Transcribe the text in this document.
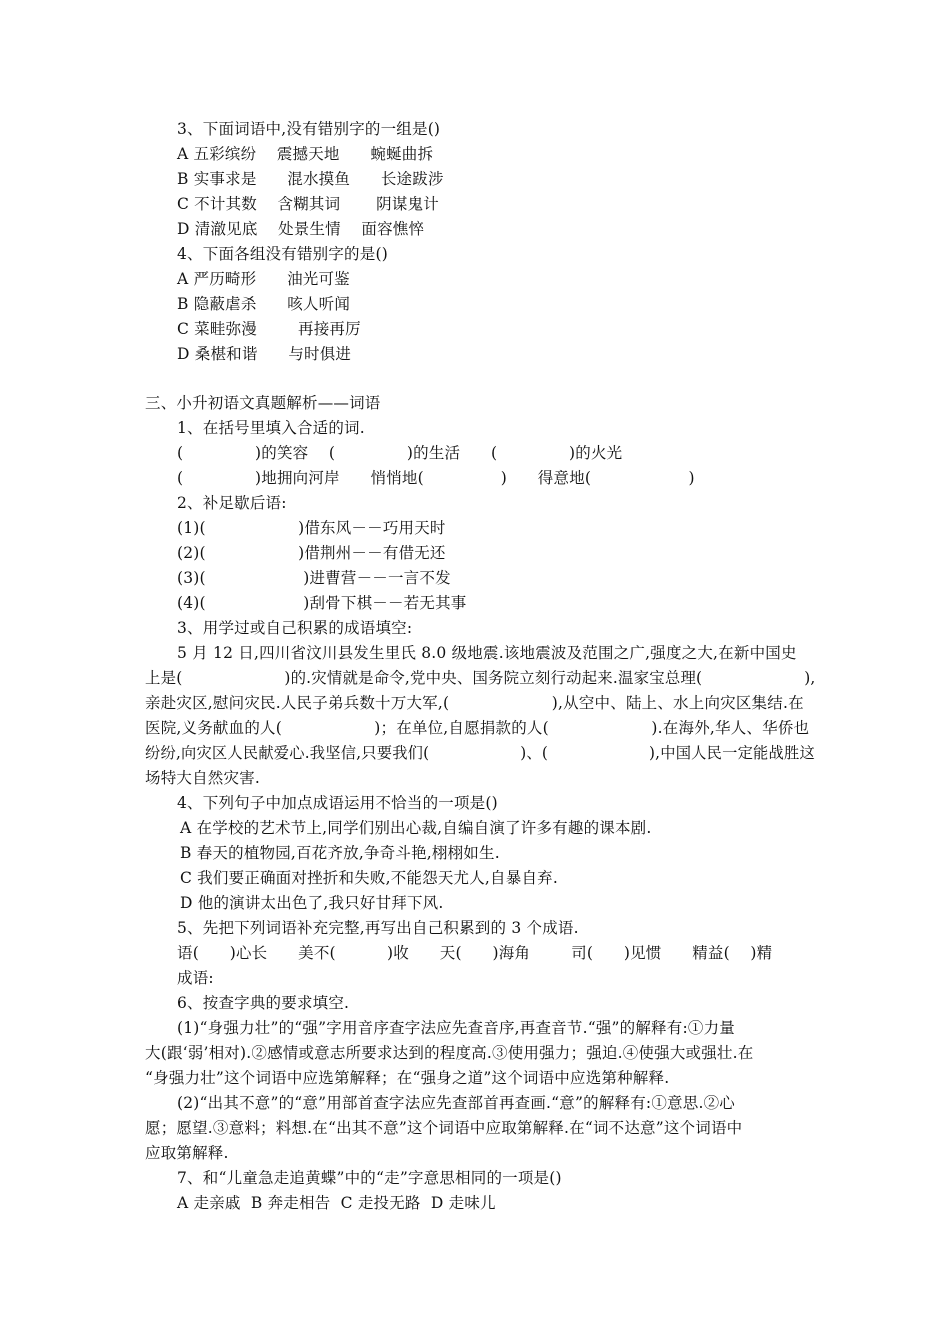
3、下面词语中,没有错别字的一组是()
A 五彩缤纷    震撼天地      蜿蜒曲拆
B 实事求是      混水摸鱼      长途跋涉
C 不计其数    含糊其词       阴谋鬼计
D 清澈见底    处景生情    面容憔悴
4、下面各组没有错别字的是()
A 严历畸形      油光可鉴
B 隐蔽虐杀      咳人听闻
C 菜畦弥漫        再接再厉
D 桑椹和谐      与时俱进
三、小升初语文真题解析——词语
1、在括号里填入合适的词.
(              )的笑容    (              )的生活      (              )的火光
(              )地拥向河岸      悄悄地(               )      得意地(                   )
2、补足歇后语:
(1)(                  )借东风－－巧用天时
(2)(                  )借荆州－－有借无还
(3)(                   )进曹营－－一言不发
(4)(                   )刮骨下棋－－若无其事
3、用学过或自己积累的成语填空:
5 月 12 日,四川省汶川县发生里氏 8.0 级地震.该地震波及范围之广,强度之大,在新中国史
上是(                    )的.灾情就是命令,党中央、国务院立刻行动起来.温家宝总理(                    ),
亲赴灾区,慰问灾民.人民子弟兵数十万大军,(                    ),从空中、陆上、水上向灾区集结.在
医院,义务献血的人(                  )；在单位,自愿捐款的人(                    ).在海外,华人、华侨也
纷纷,向灾区人民献爱心.我坚信,只要我们(                  )、(                    ),中国人民一定能战胜这
场特大自然灾害.
4、下列句子中加点成语运用不恰当的一项是()
A 在学校的艺术节上,同学们别出心裁,自编自演了许多有趣的课本剧.
B 春天的植物园,百花齐放,争奇斗艳,栩栩如生.
C 我们要正确面对挫折和失败,不能怨天尤人,自暴自弃.
D 他的演讲太出色了,我只好甘拜下风.
5、先把下列词语补充完整,再写出自己积累到的 3 个成语.
语(      )心长      美不(          )收      天(      )海角        司(      )见惯      精益(    )精
成语:
6、按查字典的要求填空.
(1)“身强力壮”的“强”字用音序查字法应先查音序,再查音节.“强”的解释有:①力量
大(跟‘弱’相对).②感情或意志所要求达到的程度高.③使用强力；强迫.④使强大或强壮.在
“身强力壮”这个词语中应选第解释；在“强身之道”这个词语中应选第种解释.
(2)“出其不意”的“意”用部首查字法应先查部首再查画.“意”的解释有:①意思.②心
愿；愿望.③意料；料想.在“出其不意”这个词语中应取第解释.在“词不达意”这个词语中
应取第解释.
7、和“儿童急走追黄蝶”中的“走”字意思相同的一项是()
A 走亲戚  B 奔走相告  C 走投无路  D 走味儿
